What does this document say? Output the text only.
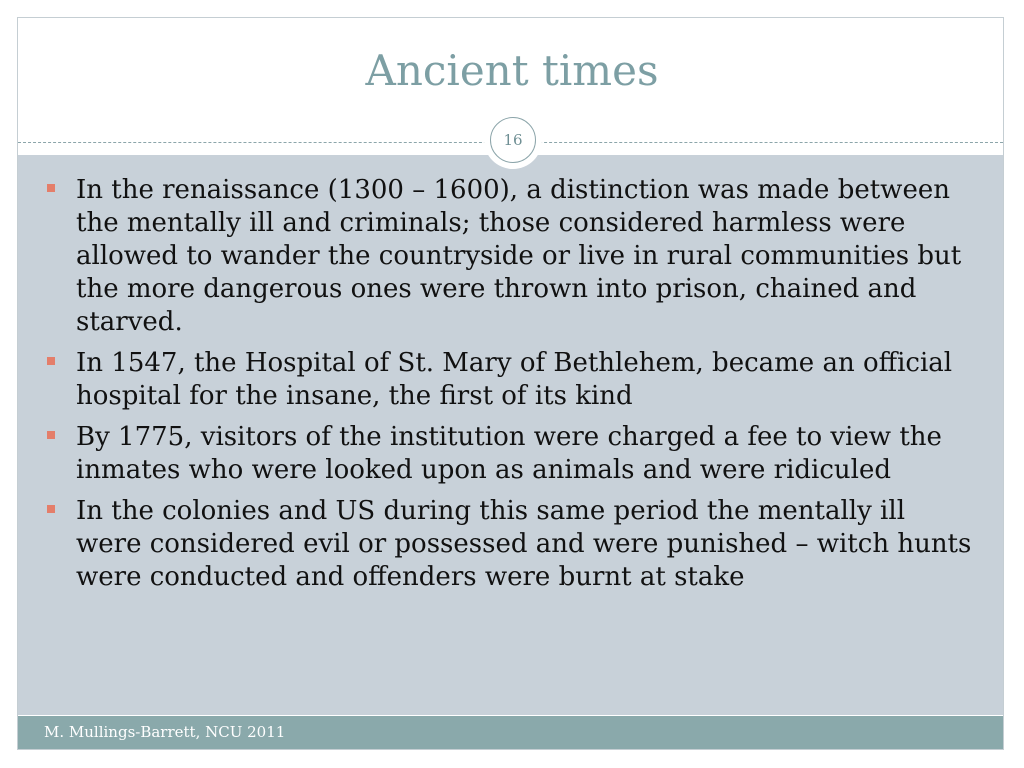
Ancient times
16
In the renaissance (1300 – 1600), a distinction was made between the mentally ill and criminals; those considered harmless were allowed to wander the countryside or live in rural communities but the more dangerous ones were thrown into prison, chained and starved.
In 1547, the Hospital of St. Mary of Bethlehem, became an official hospital for the insane, the first of its kind
By 1775, visitors of the institution were charged a fee to view the inmates who were looked upon as animals and were ridiculed
In the colonies and US during this same period the mentally ill were considered evil or possessed and were punished – witch hunts were conducted and offenders were burnt at stake
M. Mullings-Barrett, NCU 2011
